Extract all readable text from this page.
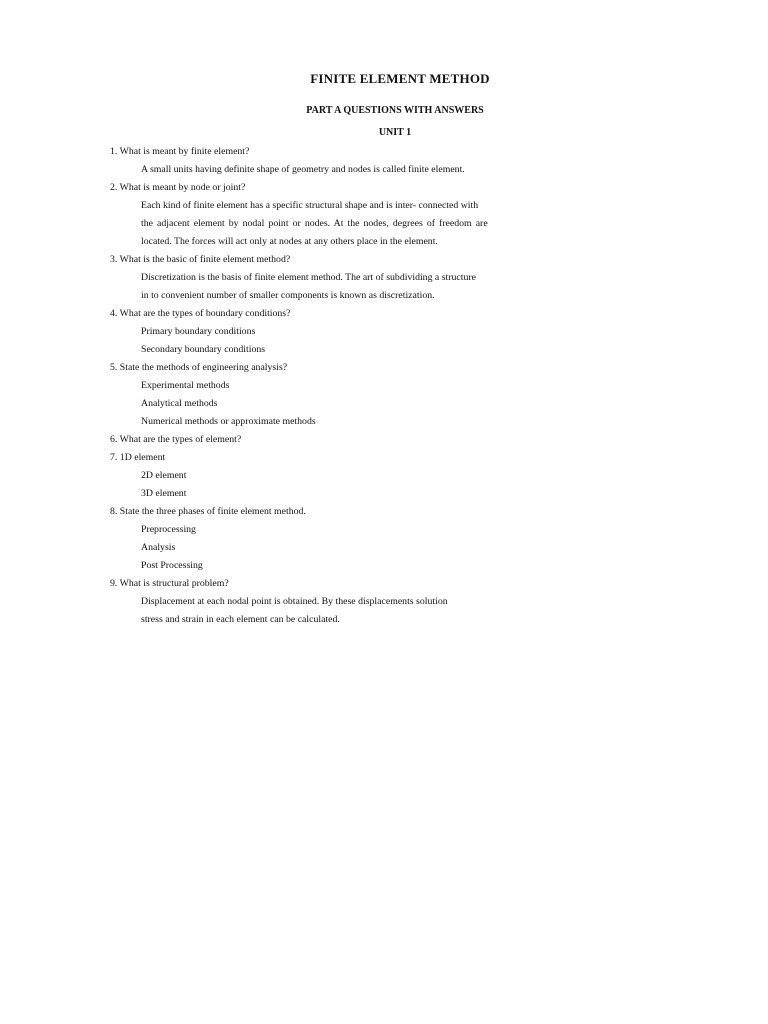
FINITE ELEMENT METHOD
PART A QUESTIONS WITH ANSWERS
UNIT 1
1. What is meant by finite element?
A small units having definite shape of geometry and nodes is called finite element.
2. What is meant by node or joint?
Each kind of finite element has a specific structural shape and is inter- connected with
the adjacent element by nodal point or nodes. At the nodes, degrees of freedom are
located. The forces will act only at nodes at any others place in the element.
3. What is the basic of finite element method?
Discretization is the basis of finite element method. The art of subdividing a structure
in to convenient number of smaller components is known as discretization.
4. What are the types of boundary conditions?
Primary boundary conditions
Secondary boundary conditions
5. State the methods of engineering analysis?
Experimental methods
Analytical methods
Numerical methods or approximate methods
6. What are the types of element?
7. 1D element
2D element
3D element
8. State the three phases of finite element method.
Preprocessing
Analysis
Post Processing
9. What is structural problem?
Displacement at each nodal point is obtained. By these displacements solution
stress and strain in each element can be calculated.
